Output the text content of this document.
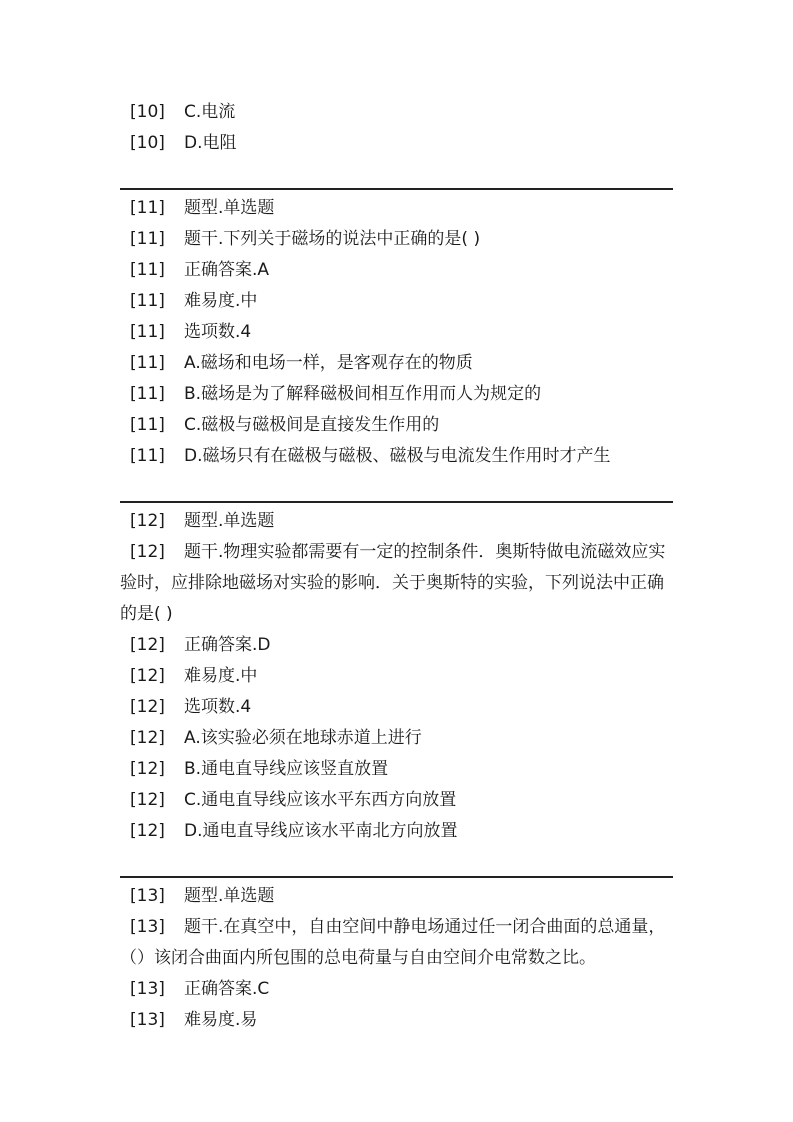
[10] C.电流
[10] D.电阻
[11] 题型.单选题
[11] 题干.下列关于磁场的说法中正确的是( )
[11] 正确答案.A
[11] 难易度.中
[11] 选项数.4
[11] A.磁场和电场一样，是客观存在的物质
[11] B.磁场是为了解释磁极间相互作用而人为规定的
[11] C.磁极与磁极间是直接发生作用的
[11] D.磁场只有在磁极与磁极、磁极与电流发生作用时才产生
[12] 题型.单选题
[12] 题干.物理实验都需要有一定的控制条件．奥斯特做电流磁效应实验时，应排除地磁场对实验的影响．关于奥斯特的实验，下列说法中正确的是( )
[12] 正确答案.D
[12] 难易度.中
[12] 选项数.4
[12] A.该实验必须在地球赤道上进行
[12] B.通电直导线应该竖直放置
[12] C.通电直导线应该水平东西方向放置
[12] D.通电直导线应该水平南北方向放置
[13] 题型.单选题
[13] 题干.在真空中，自由空间中静电场通过任一闭合曲面的总通量，（）该闭合曲面内所包围的总电荷量与自由空间介电常数之比。
[13] 正确答案.C
[13] 难易度.易
